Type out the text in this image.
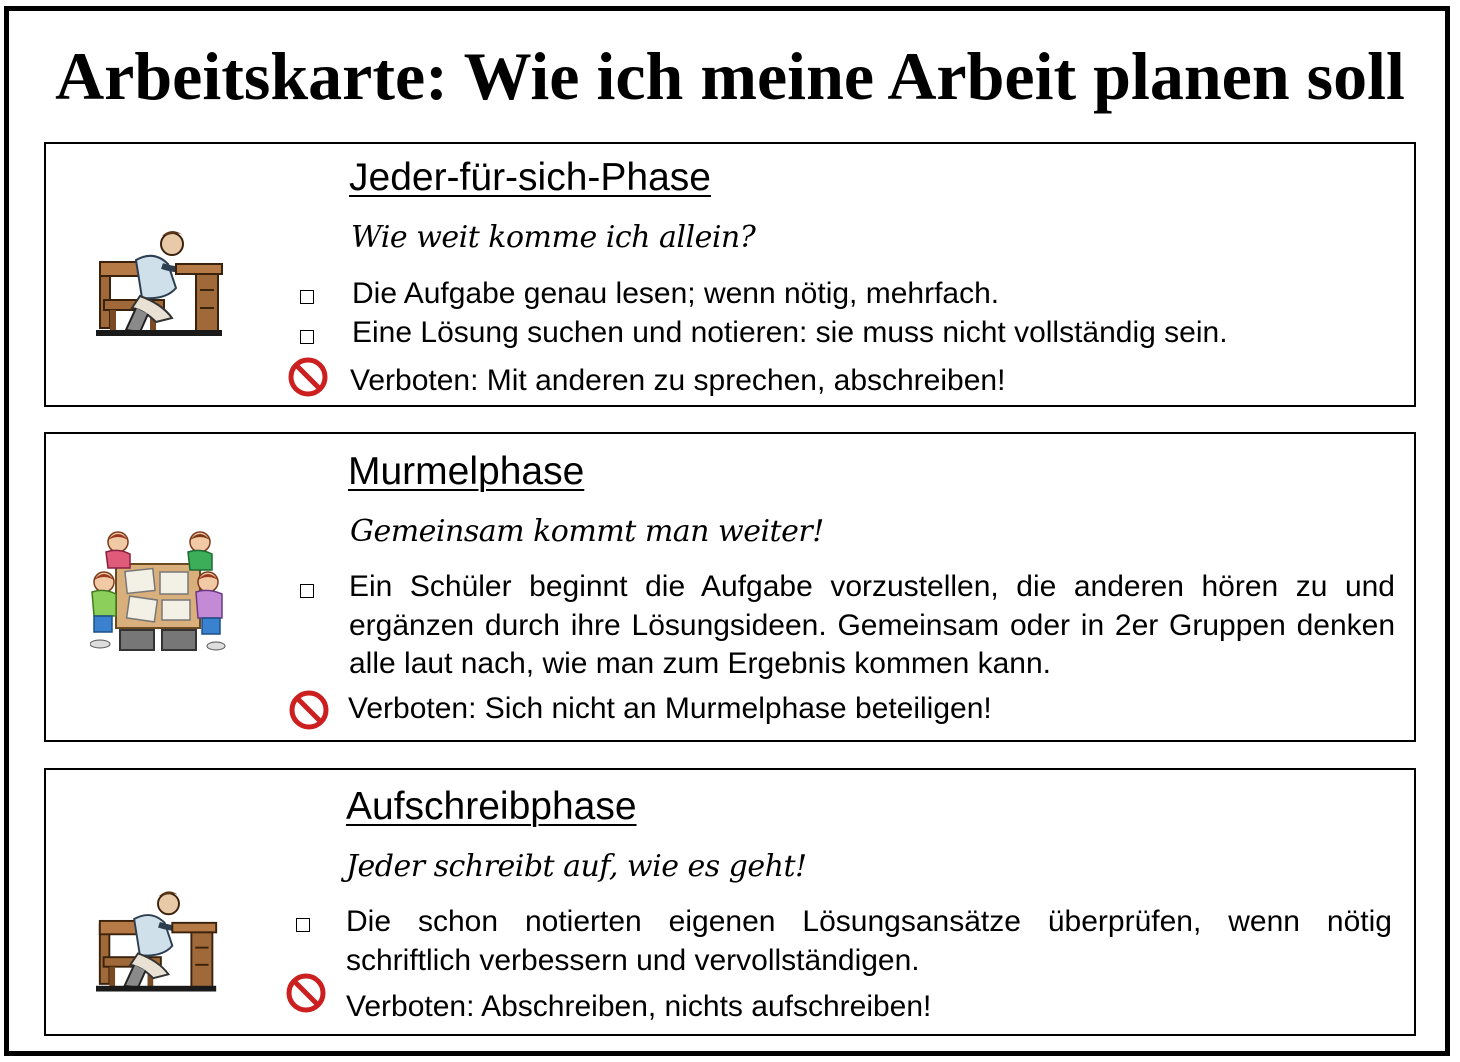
Arbeitskarte: Wie ich meine Arbeit planen soll
Jeder-für-sich-Phase
Wie weit komme ich allein?
Die Aufgabe genau lesen; wenn nötig, mehrfach.
Eine Lösung suchen und notieren: sie muss nicht vollständig sein.
Verboten: Mit anderen zu sprechen, abschreiben!
Murmelphase
Gemeinsam kommt man weiter!
Ein Schüler beginnt die Aufgabe vorzustellen, die anderen hören zu und ergänzen durch ihre Lösungsideen. Gemeinsam oder in 2er Gruppen denken alle laut nach, wie man zum Ergebnis kommen kann.
Verboten: Sich nicht an Murmelphase beteiligen!
Aufschreibphase
Jeder schreibt auf, wie es geht!
Die schon notierten eigenen Lösungsansätze überprüfen, wenn nötig schriftlich verbessern und vervollständigen.
Verboten: Abschreiben, nichts aufschreiben!
